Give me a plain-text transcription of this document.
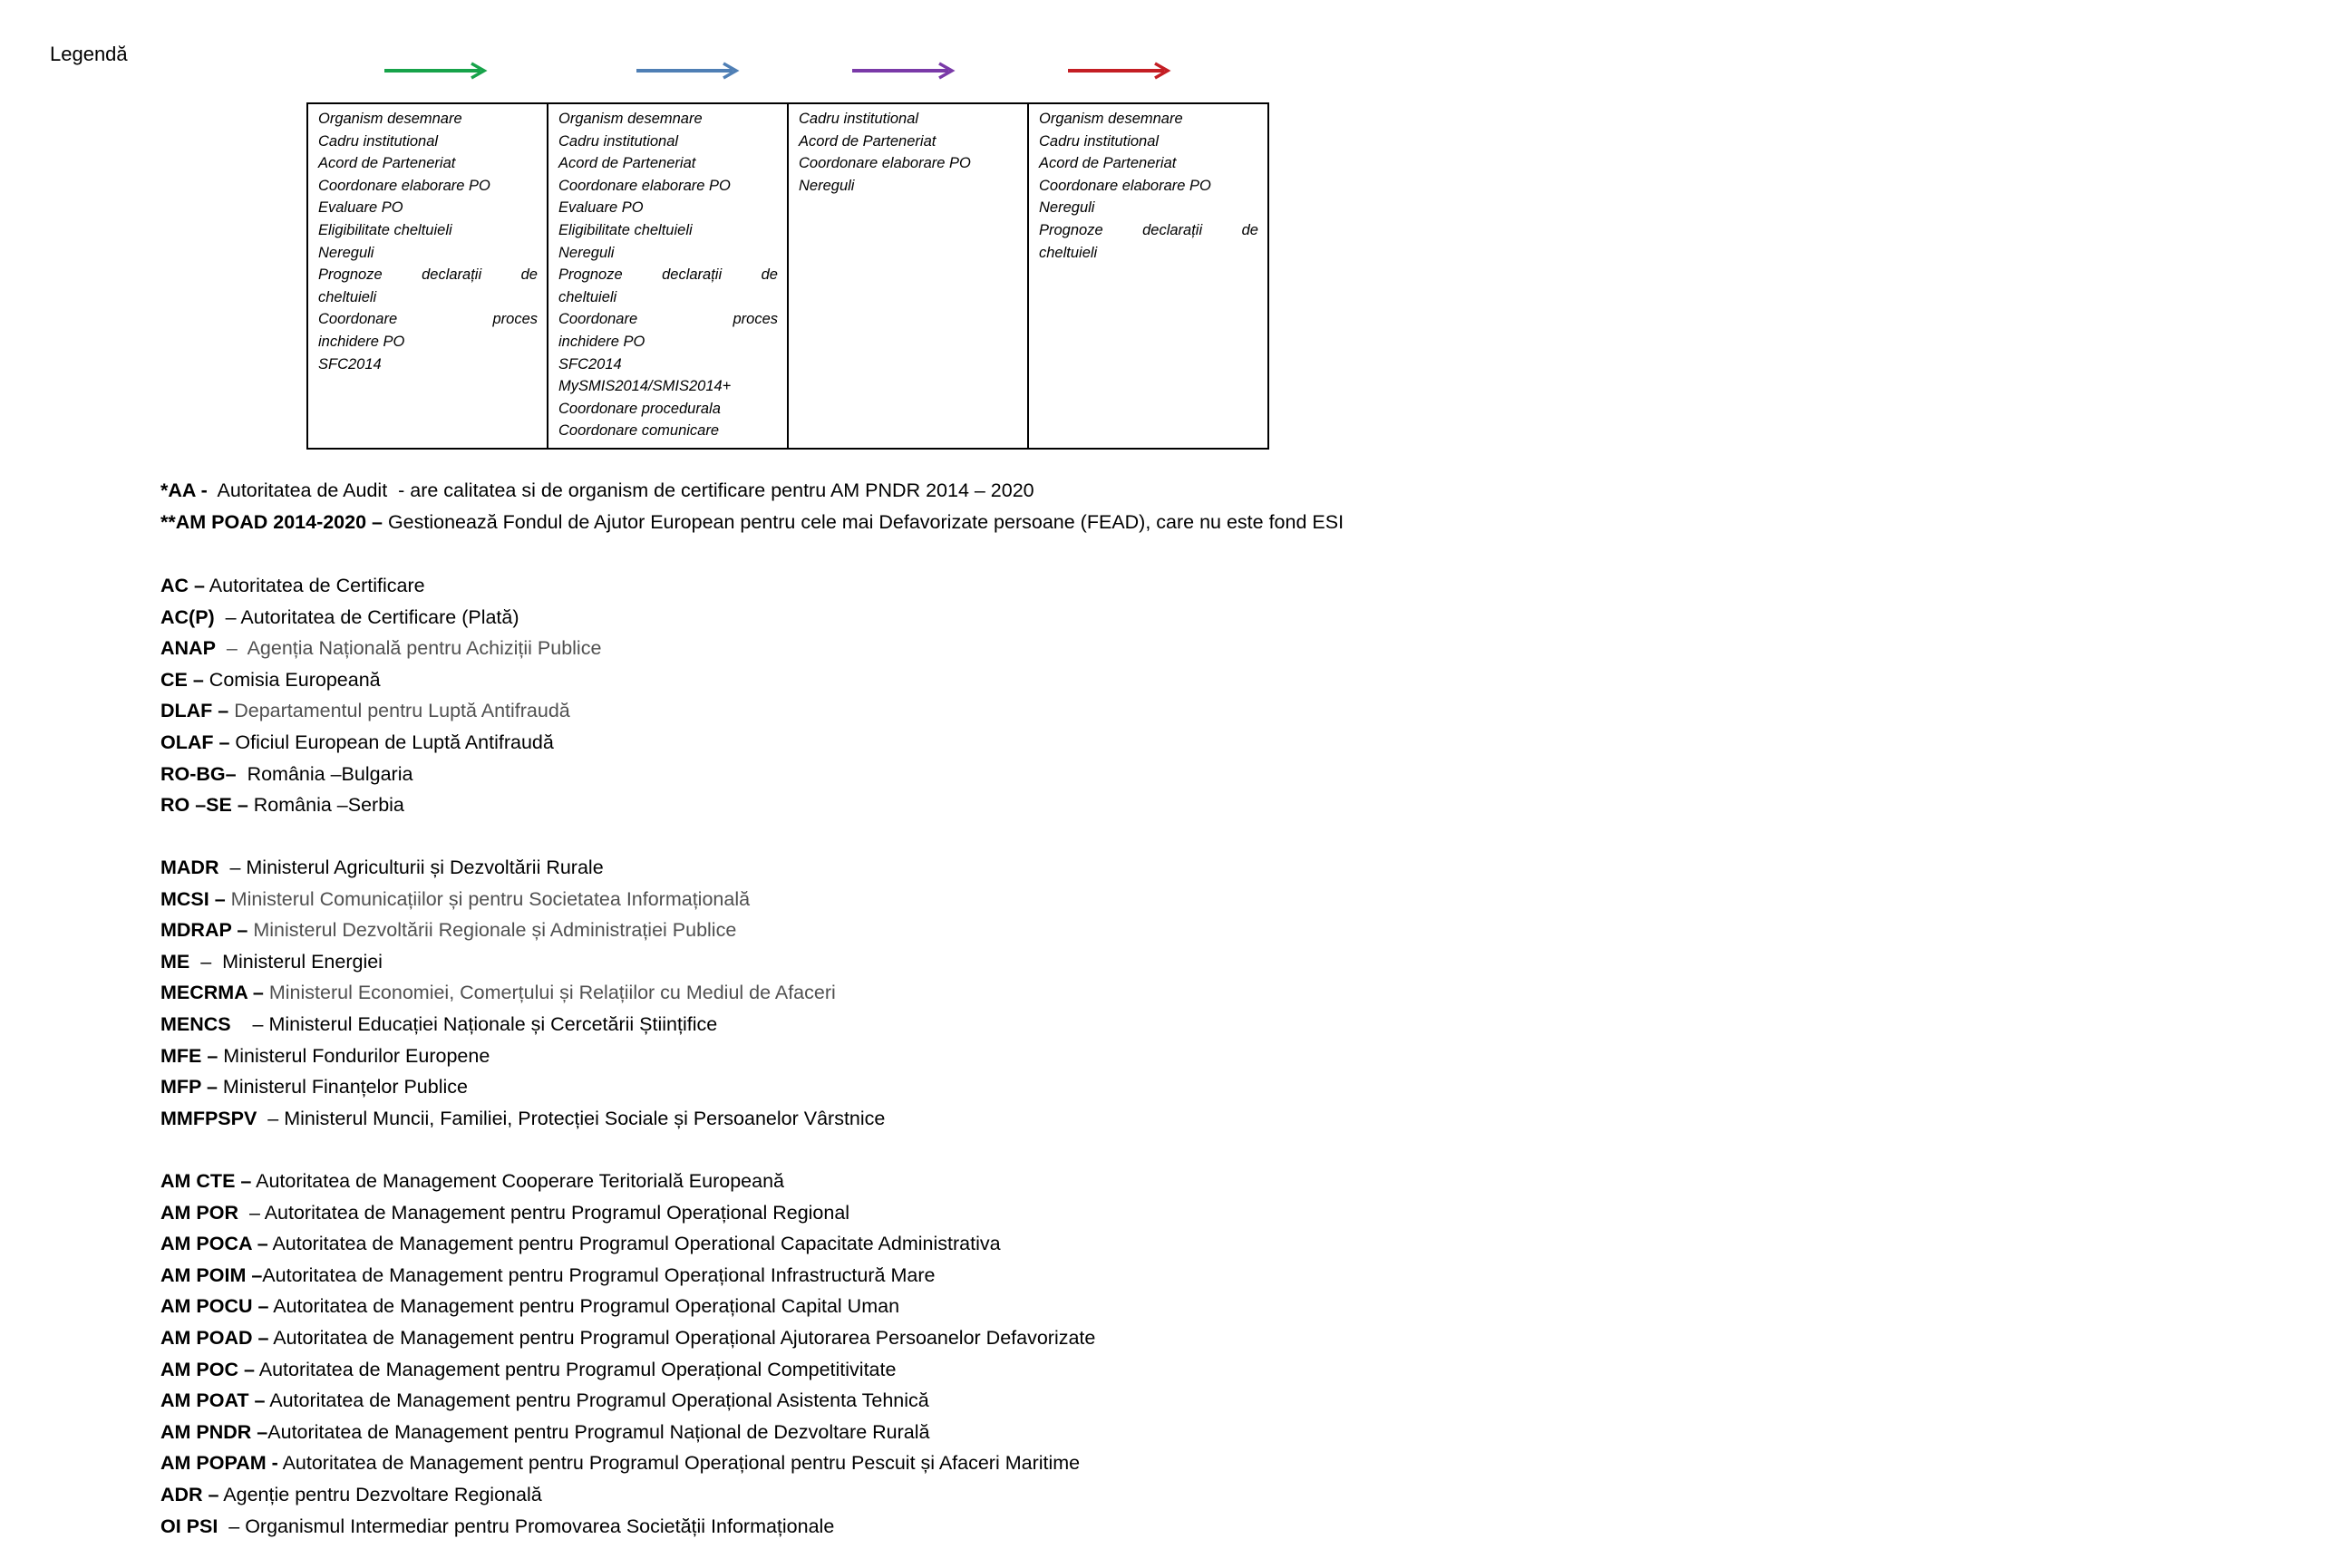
Legendă
Organism desemnare
Cadru institutional
Acord de Parteneriat
Coordonare elaborare PO
Evaluare PO
Eligibilitate cheltuieli
Nereguli
Prognoze	declarații	de
cheltuieli
Coordonare	proces
inchidere PO
SFC2014

Organism desemnare
Cadru institutional
Acord de Parteneriat
Coordonare elaborare PO
Evaluare PO
Eligibilitate cheltuieli
Nereguli
Prognoze	declarații	de
cheltuieli
Coordonare	proces
inchidere PO
SFC2014
MySMIS2014/SMIS2014+
Coordonare procedurala
Coordonare comunicare

Cadru institutional
Acord de Parteneriat
Coordonare elaborare PO
Nereguli

Organism desemnare
Cadru institutional
Acord de Parteneriat
Coordonare elaborare PO
Nereguli
Prognoze	declarații	de
cheltuieli
*AA -  Autoritatea de Audit  - are calitatea si de organism de certificare pentru AM PNDR 2014 – 2020
**AM POAD 2014-2020 – Gestionează Fondul de Ajutor European pentru cele mai Defavorizate persoane (FEAD), care nu este fond ESI
AC – Autoritatea de Certificare
AC(P)  – Autoritatea de Certificare (Plată)
ANAP  –  Agenția Națională pentru Achiziții Publice
CE – Comisia Europeană
DLAF – Departamentul pentru Luptă Antifraudă
OLAF – Oficiul European de Luptă Antifraudă
RO-BG–  România –Bulgaria
RO –SE – România –Serbia
MADR  – Ministerul Agriculturii și Dezvoltării Rurale
MCSI – Ministerul Comunicațiilor și pentru Societatea Informațională
MDRAP – Ministerul Dezvoltării Regionale și Administrației Publice
ME  –  Ministerul Energiei
MECRMA – Ministerul Economiei, Comerțului și Relațiilor cu Mediul de Afaceri
MENCS    – Ministerul Educației Naționale și Cercetării Științifice
MFE – Ministerul Fondurilor Europene
MFP – Ministerul Finanțelor Publice
MMFPSPV  – Ministerul Muncii, Familiei, Protecției Sociale și Persoanelor Vârstnice
AM CTE – Autoritatea de Management Cooperare Teritorială Europeană
AM POR  – Autoritatea de Management pentru Programul Operațional Regional
AM POCA – Autoritatea de Management pentru Programul Operational Capacitate Administrativa
AM POIM –Autoritatea de Management pentru Programul Operațional Infrastructură Mare
AM POCU – Autoritatea de Management pentru Programul Operațional Capital Uman
AM POAD – Autoritatea de Management pentru Programul Operațional Ajutorarea Persoanelor Defavorizate
AM POC – Autoritatea de Management pentru Programul Operațional Competitivitate
AM POAT – Autoritatea de Management pentru Programul Operațional Asistenta Tehnică
AM PNDR –Autoritatea de Management pentru Programul Național de Dezvoltare Rurală
AM POPAM - Autoritatea de Management pentru Programul Operațional pentru Pescuit și Afaceri Maritime
ADR – Agenție pentru Dezvoltare Regională
OI PSI  – Organismul Intermediar pentru Promovarea Societății Informaționale
